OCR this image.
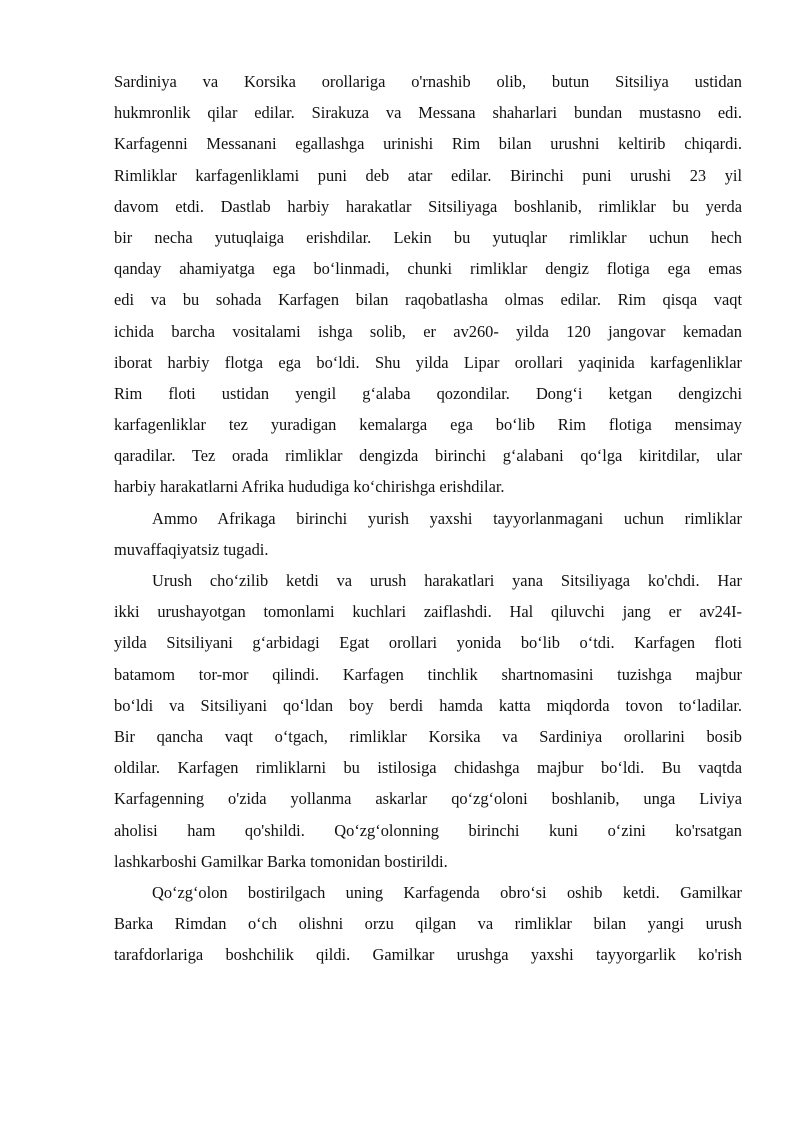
Sardiniya va Korsika orollariga o'rnashib olib, butun Sitsiliya ustidan
hukmronlik qilar edilar. Sirakuza va Messana shaharlari bundan mustasno edi.
Karfagenni Messanani egallashga urinishi Rim bilan urushni keltirib chiqardi.
Rimliklar karfagenliklami puni deb atar edilar. Birinchi puni urushi 23 yil
davom etdi. Dastlab harbiy harakatlar Sitsiliyaga boshlanib, rimliklar bu yerda
bir necha yutuqlaiga erishdilar. Lekin bu yutuqlar rimliklar uchun hech
qanday ahamiyatga ega bo‘linmadi, chunki rimliklar dengiz flotiga ega emas
edi va bu sohada Karfagen bilan raqobatlasha olmas edilar. Rim qisqa vaqt
ichida barcha vositalami ishga solib, er av260- yilda 120 jangovar kemadan
iborat harbiy flotga ega bo‘ldi. Shu yilda Lipar orollari yaqinida karfagenliklar
Rim floti ustidan yengil g‘alaba qozondilar. Dong‘i ketgan dengizchi
karfagenliklar tez yuradigan kemalarga ega bo‘lib Rim flotiga mensimay
qaradilar. Tez orada rimliklar dengizda birinchi g‘alabani qo‘lga kiritdilar, ular
harbiy harakatlarni Afrika hududiga ko‘chirishga erishdilar.
Ammo Afrikaga birinchi yurish yaxshi tayyorlanmagani uchun rimliklar
muvaffaqiyatsiz tugadi.
Urush cho‘zilib ketdi va urush harakatlari yana Sitsiliyaga ko'chdi. Har
ikki urushayotgan tomonlami kuchlari zaiflashdi. Hal qiluvchi jang er av24I-
yilda Sitsiliyani g‘arbidagi Egat orollari yonida bo‘lib o‘tdi. Karfagen floti
batamom tor-mor qilindi. Karfagen tinchlik shartnomasini tuzishga majbur
bo‘ldi va Sitsiliyani qo‘ldan boy berdi hamda katta miqdorda tovon to‘ladilar.
Bir qancha vaqt o‘tgach, rimliklar Korsika va Sardiniya orollarini bosib
oldilar. Karfagen rimliklarni bu istilosiga chidashga majbur bo‘ldi. Bu vaqtda
Karfagenning o'zida yollanma askarlar qo‘zg‘oloni boshlanib, unga Liviya
aholisi ham qo'shildi. Qo‘zg‘olonning birinchi kuni o‘zini ko'rsatgan
lashkarboshi Gamilkar Barka tomonidan bostirildi.
Qo‘zg‘olon bostirilgach uning Karfagenda obro‘si oshib ketdi. Gamilkar
Barka Rimdan o‘ch olishni orzu qilgan va rimliklar bilan yangi urush
tarafdorlariga boshchilik qildi. Gamilkar urushga yaxshi tayyorgarlik ko'rish
